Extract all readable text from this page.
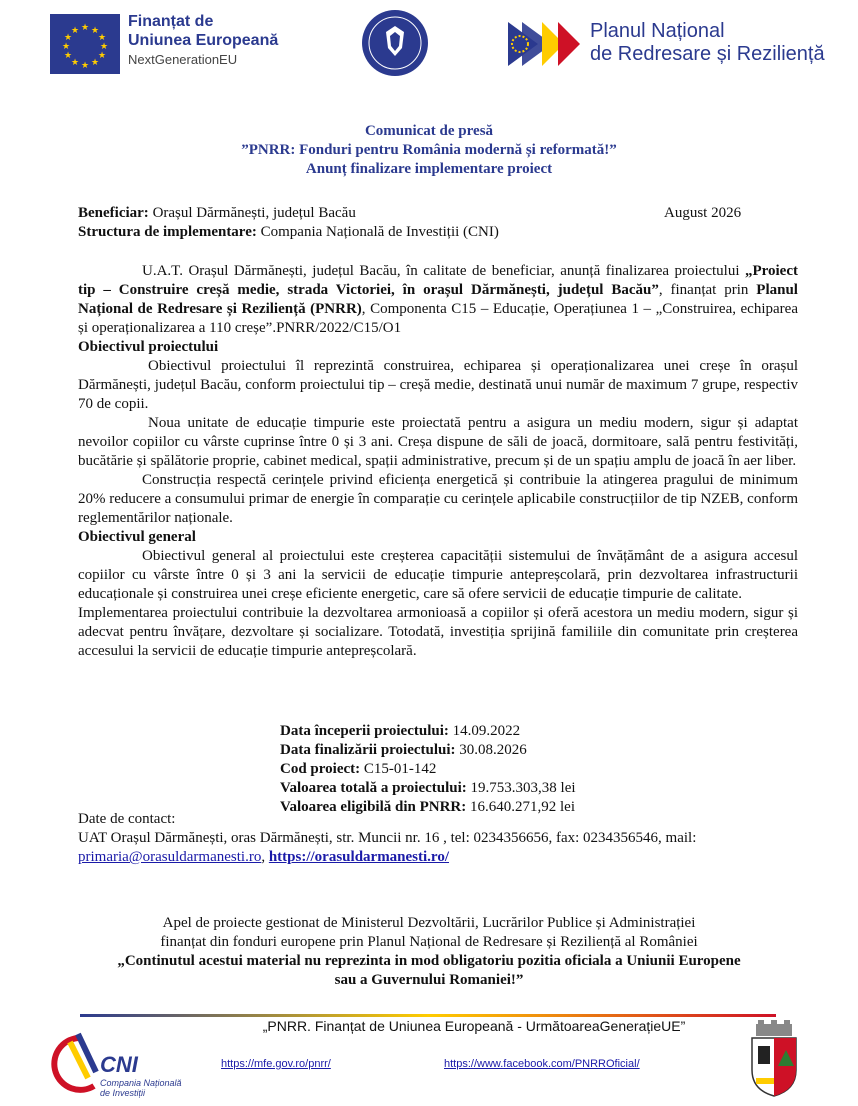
★ ★
★
★
★
★
★
★
★
★
★
★
Finanțat de
Uniunea Europeană
NextGenerationEU
Planul Național
de Redresare și Reziliență
Comunicat de presă
”PNRR: Fonduri pentru România modernă și reformată!”
Anunț finalizare implementare proiect
Beneficiar: Orașul Dărmănești, județul Bacău
Structura de implementare: Compania Națională de Investiții (CNI)
August 2026

U.A.T. Orașul Dărmănești, județul Bacău, în calitate de beneficiar, anunță finalizarea proiectului „Proiect tip – Construire creșă medie, strada Victoriei, în orașul Dărmănești, județul Bacău”, finanțat prin Planul Național de Redresare și Reziliență (PNRR), Componenta C15 – Educație, Operațiunea 1 – „Construirea, echiparea și operaționalizarea a 110 creșe”.PNRR/2022/C15/O1

Obiectivul proiectului

Obiectivul proiectului îl reprezintă construirea, echiparea și operaționalizarea unei creșe în orașul Dărmănești, județul Bacău, conform proiectului tip – creșă medie, destinată unui număr de maximum 7 grupe, respectiv 70 de copii.

Noua unitate de educație timpurie este proiectată pentru a asigura un mediu modern, sigur și adaptat nevoilor copiilor cu vârste cuprinse între 0 și 3 ani. Creșa dispune de săli de joacă, dormitoare, sală pentru festivități, bucătărie și spălătorie proprie, cabinet medical, spații administrative, precum și de un spațiu amplu de joacă în aer liber.

Construcția respectă cerințele privind eficiența energetică și contribuie la atingerea pragului de minimum 20% reducere a consumului primar de energie în comparație cu cerințele aplicabile construcțiilor de tip NZEB, conform reglementărilor naționale.

Obiectivul general

Obiectivul general al proiectului este creșterea capacității sistemului de învățământ de a asigura accesul copiilor cu vârste între 0 și 3 ani la servicii de educație timpurie antepreșcolară, prin dezvoltarea infrastructurii educaționale și construirea unei creșe eficiente energetic, care să ofere servicii de educație timpurie de calitate.

Implementarea proiectului contribuie la dezvoltarea armonioasă a copiilor și oferă acestora un mediu modern, sigur și adecvat pentru învățare, dezvoltare și socializare. Totodată, investiția sprijină familiile din comunitate prin creșterea accesului la servicii de educație timpurie antepreșcolară.

Data începerii proiectului: 14.09.2022
Data finalizării proiectului: 30.08.2026
Cod proiect: C15-01-142
Valoarea totală a proiectului: 19.753.303,38 lei
Valoarea eligibilă din PNRR: 16.640.271,92 lei
Date de contact:
UAT Orașul Dărmănești, oras Dărmănești, str. Muncii nr. 16 , tel: 0234356656, fax: 0234356546, mail: primaria@orasuldarmanesti.ro, https://orasuldarmanesti.ro/
Apel de proiecte gestionat de Ministerul Dezvoltării, Lucrărilor Publice și Administrației
finanțat din fonduri europene prin Planul Național de Redresare și Reziliență al României
„Continutul acestui material nu reprezinta in mod obligatoriu pozitia oficiala a Uniunii Europene
sau a Guvernului Romaniei!”
„PNRR. Finanțat de Uniunea Europeană - UrmătoareaGenerațieUE”
CNI
Compania Națională
de Investiții
https://mfe.gov.ro/pnrr/	https://www.facebook.com/PNRROficial/
